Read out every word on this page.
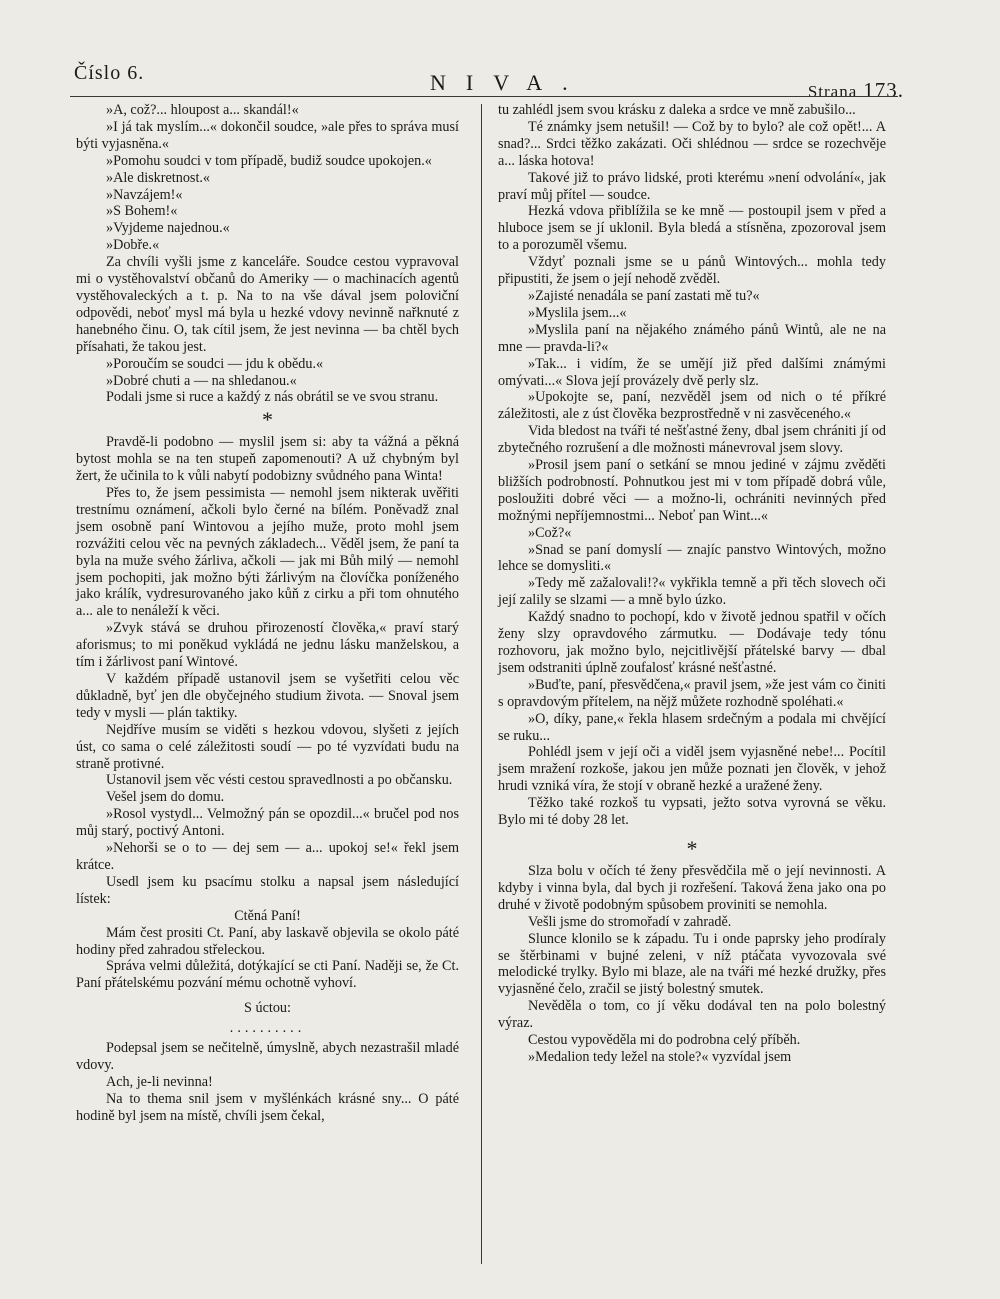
Číslo 6.	NIVA.	Strana 173.

»A, což?... hloupost a... skandál!«

»I já tak myslím...« dokončil soudce, »ale přes to správa musí býti vyjasněna.«

»Pomohu soudci v tom případě, budiž soudce upokojen.«

»Ale diskretnost.«

»Navzájem!«

»S Bohem!«

»Vyjdeme najednou.«

»Dobře.«

Za chvíli vyšli jsme z kanceláře. Soudce cestou vypravoval mi o vystěhovalství občanů do Ameriky — o machinacích agentů vystěhovaleckých a t. p. Na to na vše dával jsem poloviční odpovědi, neboť mysl má byla u hezké vdovy nevinně nařknuté z hanebného činu. O, tak cítil jsem, že jest nevinna — ba chtěl bych přísahati, že takou jest.

»Poroučím se soudci — jdu k obědu.«

»Dobré chuti a — na shledanou.«

Podali jsme si ruce a každý z nás obrátil se ve svou stranu.

*

Pravdě-li podobno — myslil jsem si: aby ta vážná a pěkná bytost mohla se na ten stupeň zapomenouti? A už chybným byl žert, že učinila to k vůli nabytí podobizny svůdného pana Winta!

Přes to, že jsem pessimista — nemohl jsem nikterak uvěřiti trestnímu oznámení, ačkoli bylo černé na bílém. Poněvadž znal jsem osobně paní Wintovou a jejího muže, proto mohl jsem rozvážiti celou věc na pevných základech... Věděl jsem, že paní ta byla na muže svého žárliva, ačkoli — jak mi Bůh milý — nemohl jsem pochopiti, jak možno býti žárlivým na človíčka poníženého jako králík, vydresurovaného jako kůň z cirku a při tom ohnutého a... ale to nenáleží k věci.

»Zvyk stává se druhou přirozeností člověka,« praví starý aforismus; to mi poněkud vykládá ne jednu lásku manželskou, a tím i žárlivost paní Wintové.

V každém případě ustanovil jsem se vyšetřiti celou věc důkladně, byť jen dle obyčejného studium života. — Snoval jsem tedy v mysli — plán taktiky.

Nejdříve musím se viděti s hezkou vdovou, slyšeti z jejích úst, co sama o celé záležitosti soudí — po té vyzvídati budu na straně protivné.

Ustanovil jsem věc vésti cestou spravedlnosti a po občansku.

Vešel jsem do domu.

»Rosol vystydl... Velmožný pán se opozdil...« bručel pod nos můj starý, poctivý Antoni.

»Nehorši se o to — dej sem — a... upokoj se!« řekl jsem krátce.

Usedl jsem ku psacímu stolku a napsal jsem následující lístek:

Ctěná Paní!

Mám čest prositi Ct. Paní, aby laskavě objevila se okolo páté hodiny před zahradou střeleckou.

Správa velmi důležitá, dotýkající se cti Paní. Naději se, že Ct. Paní přátelskému pozvání mému ochotně vyhoví.

S úctou:

..........

Podepsal jsem se nečitelně, úmyslně, abych nezastrašil mladé vdovy.

Ach, je-li nevinna!

Na to thema snil jsem v myšlénkách krásné sny... O páté hodině byl jsem na místě, chvíli jsem čekal,

tu zahlédl jsem svou krásku z daleka a srdce ve mně zabušilo...

Té známky jsem netušil! — Což by to bylo? ale což opět!... A snad?... Srdci těžko zakázati. Oči shlédnou — srdce se rozechvěje a... láska hotova!

Takové již to právo lidské, proti kterému »není odvolání«, jak praví můj přítel — soudce.

Hezká vdova přiblížila se ke mně — postoupil jsem v před a hluboce jsem se jí uklonil. Byla bledá a stísněna, zpozoroval jsem to a porozuměl všemu.

Vždyť poznali jsme se u pánů Wintových... mohla tedy připustiti, že jsem o její nehodě zvěděl.

»Zajisté nenadála se paní zastati mě tu?«

»Myslila jsem...«

»Myslila paní na nějakého známého pánů Wintů, ale ne na mne — pravda-li?«

»Tak... i vidím, že se umějí již před dalšími známými omývati...« Slova její provázely dvě perly slz.

»Upokojte se, paní, nezvěděl jsem od nich o té příkré záležitosti, ale z úst člověka bezprostředně v ni zasvěceného.«

Vida bledost na tváři té nešťastné ženy, dbal jsem chrániti jí od zbytečného rozrušení a dle možnosti mánevroval jsem slovy.

»Prosil jsem paní o setkání se mnou jediné v zájmu zvěděti bližších podrobností. Pohnutkou jest mi v tom případě dobrá vůle, posloužiti dobré věci — a možno-li, ochrániti nevinných před možnými nepříjemnostmi... Neboť pan Wint...«

»Což?«

»Snad se paní domyslí — znajíc panstvo Wintových, možno lehce se domysliti.«

»Tedy mě zažalovali!?« vykřikla temně a při těch slovech oči její zalily se slzami — a mně bylo úzko.

Každý snadno to pochopí, kdo v životě jednou spatřil v očích ženy slzy opravdového zármutku. — Dodávaje tedy tónu rozhovoru, jak možno bylo, nejcitlivější přátelské barvy — dbal jsem odstraniti úplně zoufalosť krásné nešťastné.

»Buďte, paní, přesvědčena,« pravil jsem, »že jest vám co činiti s opravdovým přítelem, na nějž můžete rozhodně spoléhati.«

»O, díky, pane,« řekla hlasem srdečným a podala mi chvějící se ruku...

Pohlédl jsem v její oči a viděl jsem vyjasněné nebe!... Pocítil jsem mražení rozkoše, jakou jen může poznati jen člověk, v jehož hrudi vzniká víra, že stojí v obraně hezké a uražené ženy.

Těžko také rozkoš tu vypsati, ježto sotva vyrovná se věku. Bylo mi té doby 28 let.

*

Slza bolu v očích té ženy přesvědčila mě o její nevinnosti. A kdyby i vinna byla, dal bych ji rozřešení. Taková žena jako ona po druhé v životě podobným spůsobem proviniti se nemohla.

Vešli jsme do stromořadí v zahradě.

Slunce klonilo se k západu. Tu i onde paprsky jeho prodíraly se štěrbinami v bujné zeleni, v níž ptáčata vyvozovala své melodické trylky. Bylo mi blaze, ale na tváři mé hezké družky, přes vyjasněné čelo, zračil se jistý bolestný smutek.

Nevěděla o tom, co jí věku dodával ten na polo bolestný výraz.

Cestou vypověděla mi do podrobna celý příběh.

»Medalion tedy ležel na stole?« vyzvídal jsem
